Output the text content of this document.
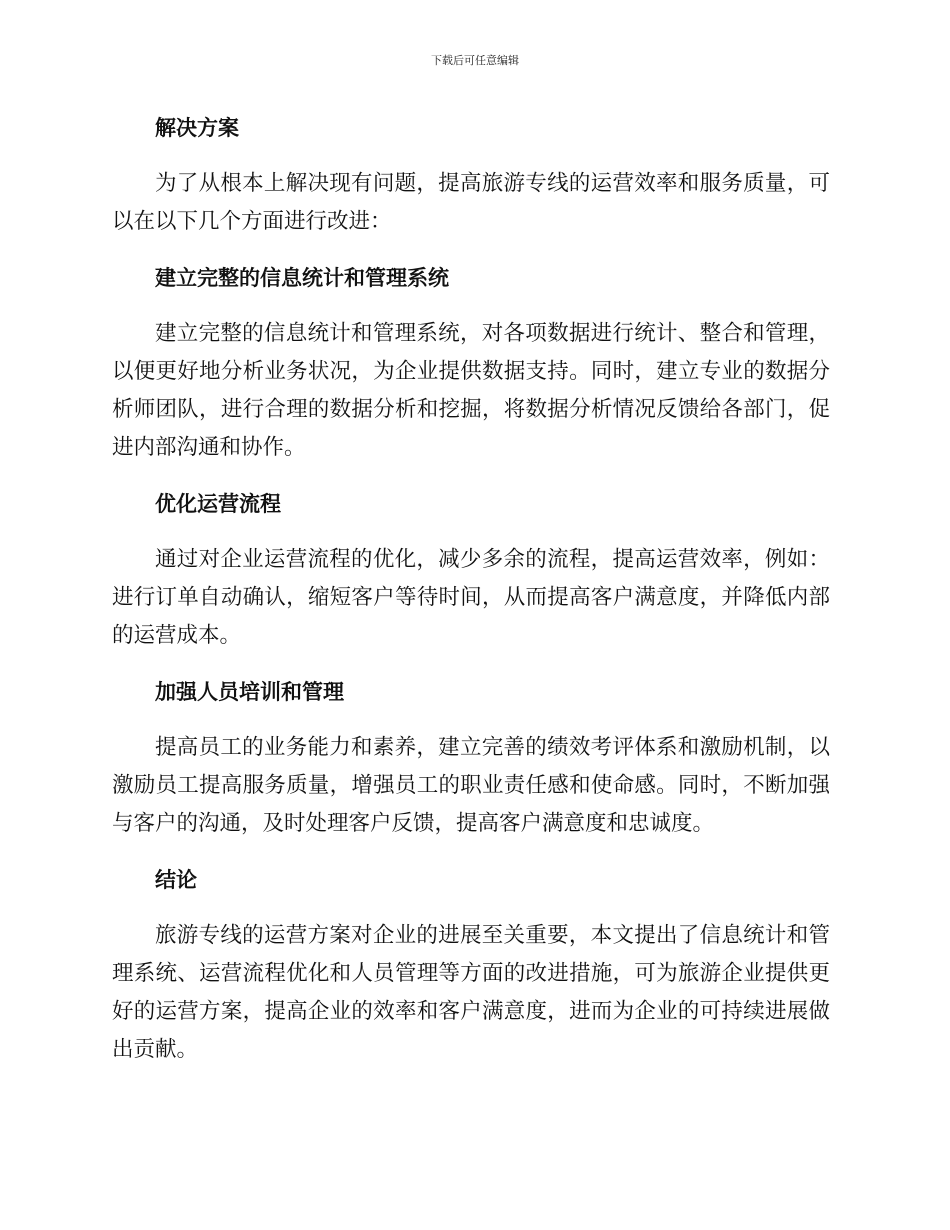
下载后可任意编辑
解决方案

为了从根本上解决现有问题，提高旅游专线的运营效率和服务质量，可以在以下几个方面进行改进：

建立完整的信息统计和管理系统

建立完整的信息统计和管理系统，对各项数据进行统计、整合和管理，以便更好地分析业务状况，为企业提供数据支持。同时，建立专业的数据分析师团队，进行合理的数据分析和挖掘，将数据分析情况反馈给各部门，促进内部沟通和协作。

优化运营流程

通过对企业运营流程的优化，减少多余的流程，提高运营效率，例如：进行订单自动确认，缩短客户等待时间，从而提高客户满意度，并降低内部的运营成本。

加强人员培训和管理

提高员工的业务能力和素养，建立完善的绩效考评体系和激励机制，以激励员工提高服务质量，增强员工的职业责任感和使命感。同时，不断加强与客户的沟通，及时处理客户反馈，提高客户满意度和忠诚度。

结论

旅游专线的运营方案对企业的进展至关重要，本文提出了信息统计和管理系统、运营流程优化和人员管理等方面的改进措施，可为旅游企业提供更好的运营方案，提高企业的效率和客户满意度，进而为企业的可持续进展做出贡献。
